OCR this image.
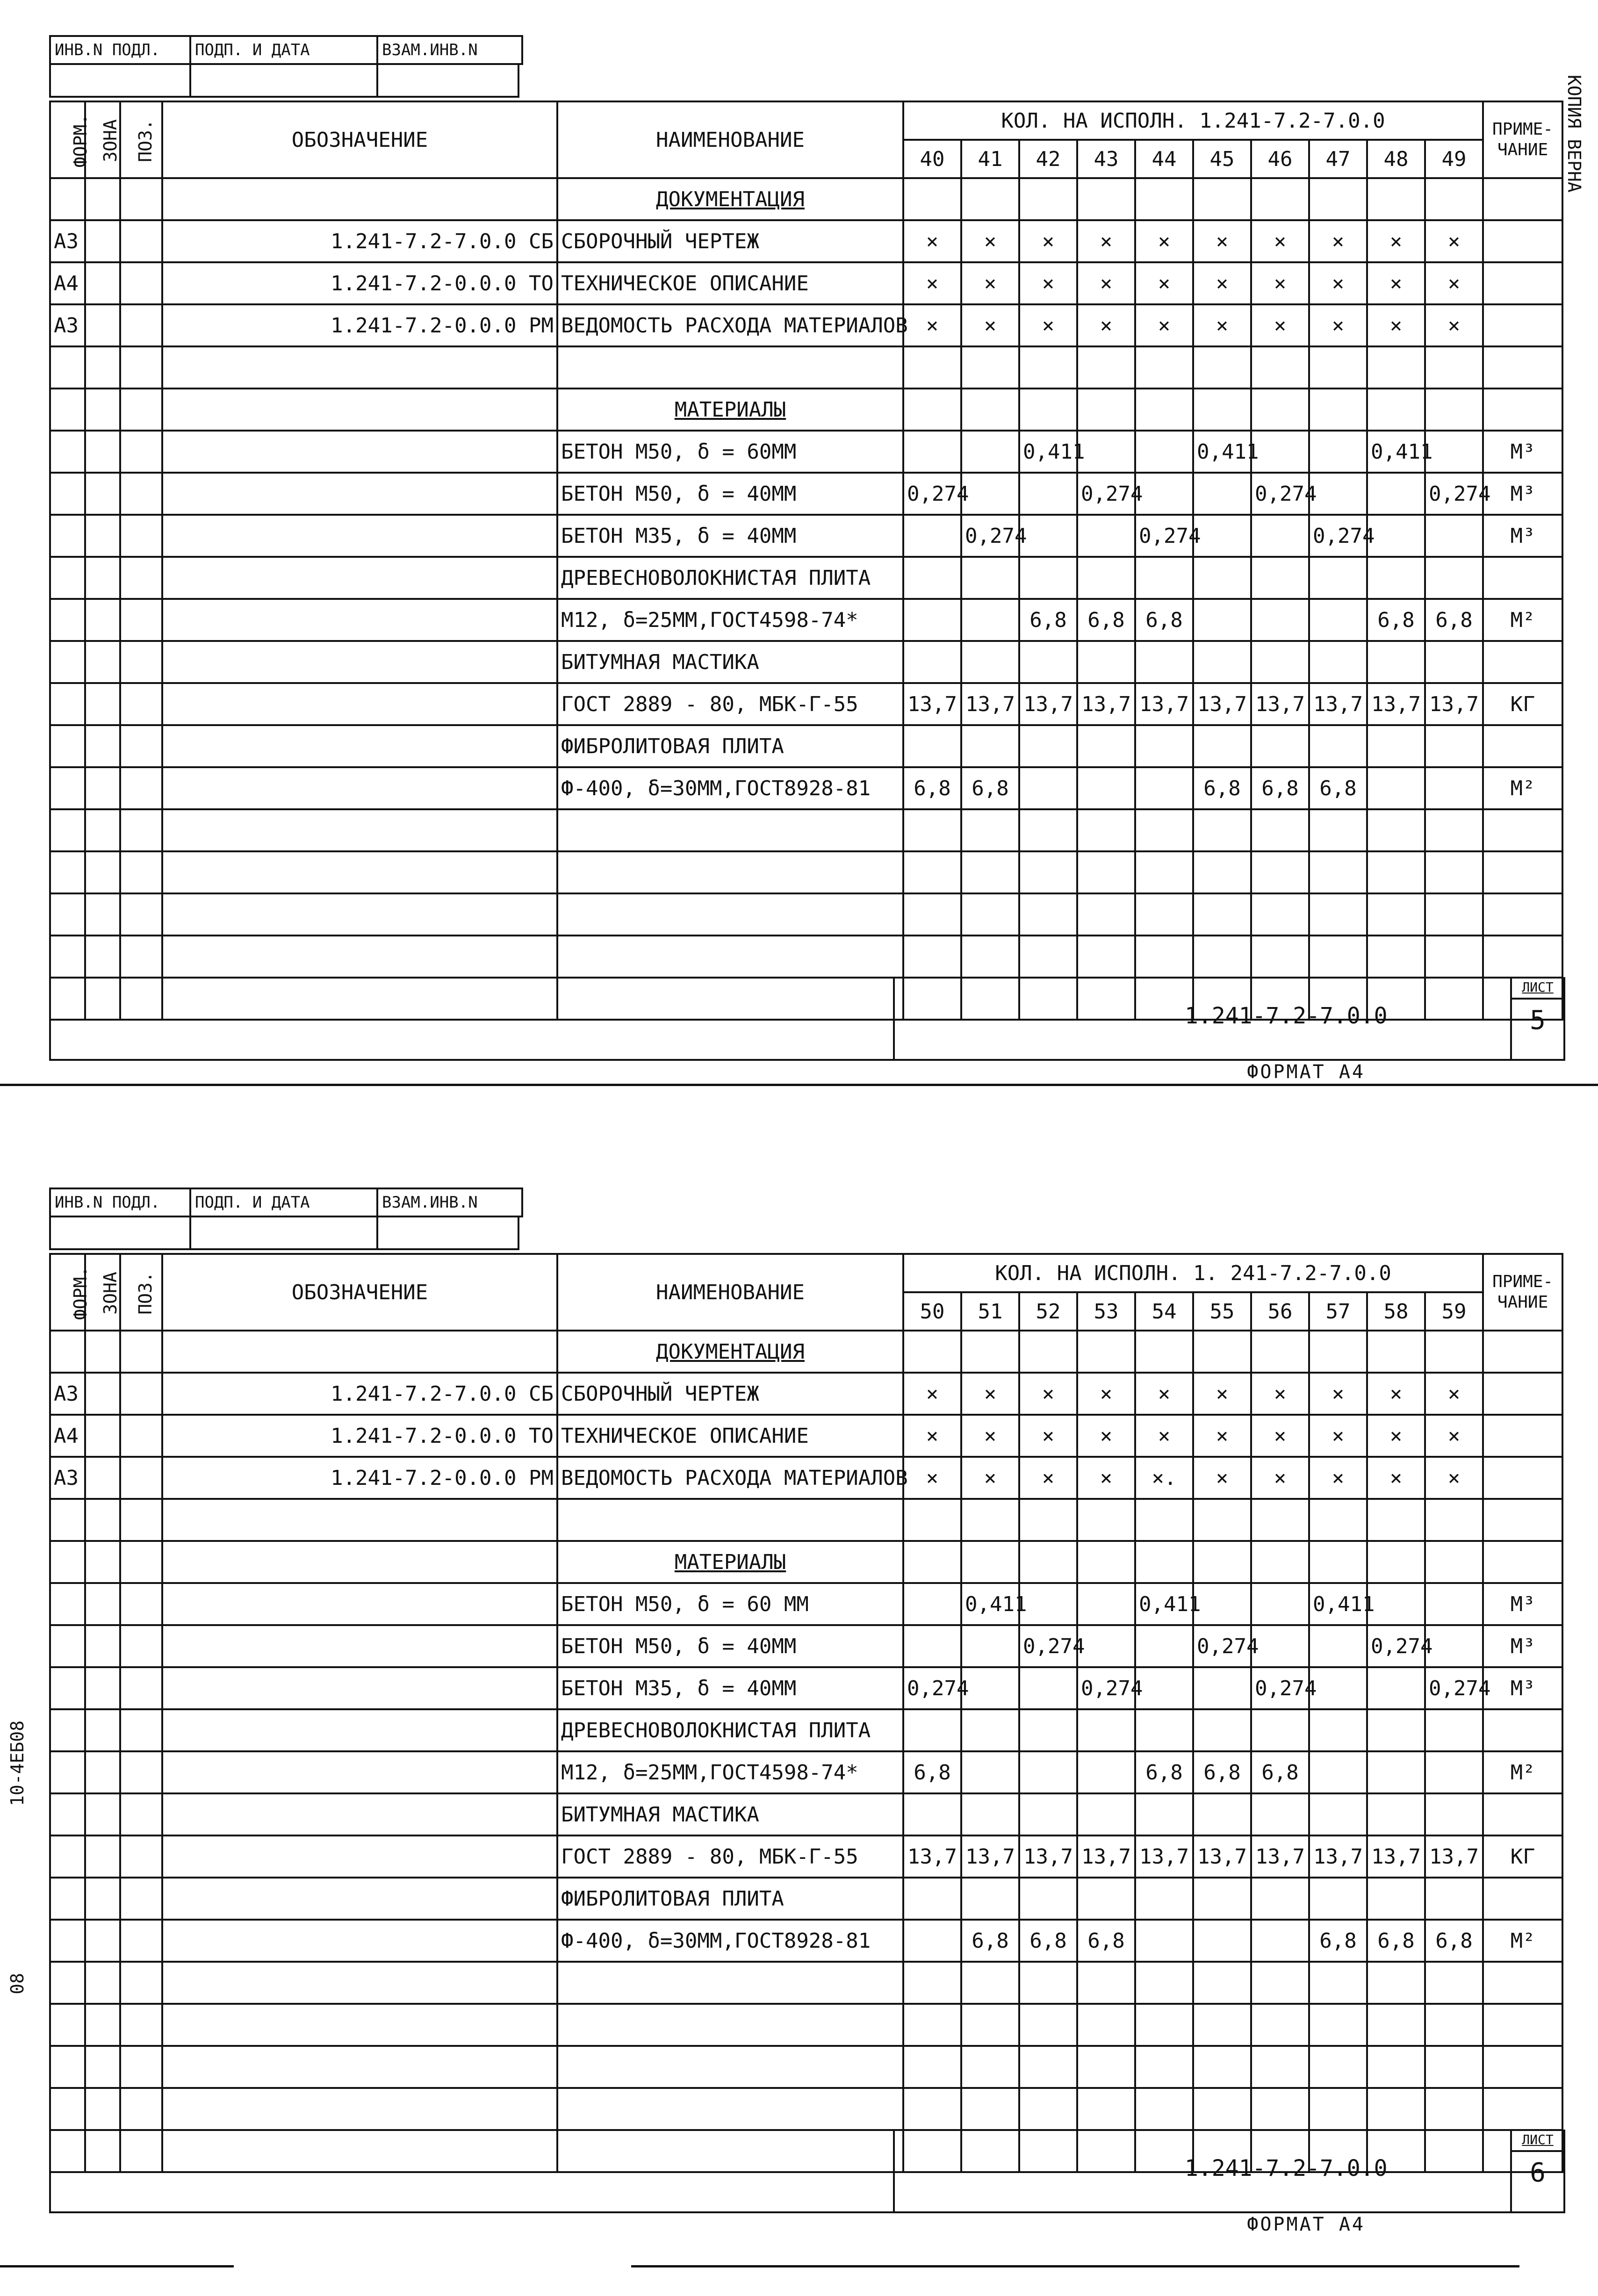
ИНВ.N ПОДЛ.	ПОДП. И ДАТА	ВЗАМ.ИНВ.N
ФОРМ.	ЗОНА	ПОЗ.	ОБОЗНАЧЕНИЕ	НАИМЕНОВАНИЕ	КОЛ. НА ИСПОЛН. 1.241-7.2-7.0.0										ПРИМЕ-ЧАНИЕ
					40	41	42	43	44	45	46	47	48	49	
				ДОКУМЕНТАЦИЯ											
А3			1.241-7.2-7.0.0 СБ	СБОРОЧНЫЙ ЧЕРТЕЖ	×	×	×	×	×	×	×	×	×	×	
А4			1.241-7.2-0.0.0 ТО	ТЕХНИЧЕСКОЕ ОПИСАНИЕ	×	×	×	×	×	×	×	×	×	×	
А3			1.241-7.2-0.0.0 РМ	ВЕДОМОСТЬ РАСХОДА МАТЕРИАЛОВ	×	×	×	×	×	×	×	×	×	×	

				МАТЕРИАЛЫ											
				БЕТОН М50, δ = 60ММ			0,411			0,411			0,411		М³
				БЕТОН М50, δ = 40ММ	0,274			0,274			0,274			0,274	М³
				БЕТОН М35, δ = 40ММ		0,274			0,274			0,274			М³
				ДРЕВЕСНОВОЛОКНИСТАЯ ПЛИТА											
				М12, δ=25ММ,ГОСТ4598-74*			6,8	6,8	6,8				6,8	6,8	М²
				БИТУМНАЯ МАСТИКА											
				ГОСТ 2889 - 80, МБК-Г-55	13,7	13,7	13,7	13,7	13,7	13,7	13,7	13,7	13,7	13,7	КГ
				ФИБРОЛИТОВАЯ ПЛИТА											
				Ф-400, δ=30ММ,ГОСТ8928-81	6,8	6,8				6,8	6,8	6,8			М²

1.241-7.2-7.0.0
ЛИСТ
5
ФОРМАТ А4
КОПИЯ ВЕРНА
ИНВ.N ПОДЛ.	ПОДП. И ДАТА	ВЗАМ.ИНВ.N
ФОРМ.	ЗОНА	ПОЗ.	ОБОЗНАЧЕНИЕ	НАИМЕНОВАНИЕ	КОЛ. НА ИСПОЛН. 1. 241-7.2-7.0.0										ПРИМЕ-ЧАНИЕ
					50	51	52	53	54	55	56	57	58	59	
				ДОКУМЕНТАЦИЯ											
А3			1.241-7.2-7.0.0 СБ	СБОРОЧНЫЙ ЧЕРТЕЖ	×	×	×	×	×	×	×	×	×	×	
А4			1.241-7.2-0.0.0 ТО	ТЕХНИЧЕСКОЕ ОПИСАНИЕ	×	×	×	×	×	×	×	×	×	×	
А3			1.241-7.2-0.0.0 РМ	ВЕДОМОСТЬ РАСХОДА МАТЕРИАЛОВ	×	×	×	×	×.	×	×	×	×	×	

				МАТЕРИАЛЫ											
				БЕТОН М50, δ = 60 ММ		0,411			0,411			0,411			М³
				БЕТОН М50, δ = 40ММ			0,274			0,274			0,274		М³
				БЕТОН М35, δ = 40ММ	0,274			0,274			0,274			0,274	М³
				ДРЕВЕСНОВОЛОКНИСТАЯ ПЛИТА											
				М12, δ=25ММ,ГОСТ4598-74*	6,8				6,8	6,8	6,8				М²
				БИТУМНАЯ МАСТИКА											
				ГОСТ 2889 - 80, МБК-Г-55	13,7	13,7	13,7	13,7	13,7	13,7	13,7	13,7	13,7	13,7	КГ
				ФИБРОЛИТОВАЯ ПЛИТА											
				Ф-400, δ=30ММ,ГОСТ8928-81		6,8	6,8	6,8				6,8	6,8	6,8	М²

1.241-7.2-7.0.0
ЛИСТ
6
ФОРМАТ А4
10-4EБ08
08
